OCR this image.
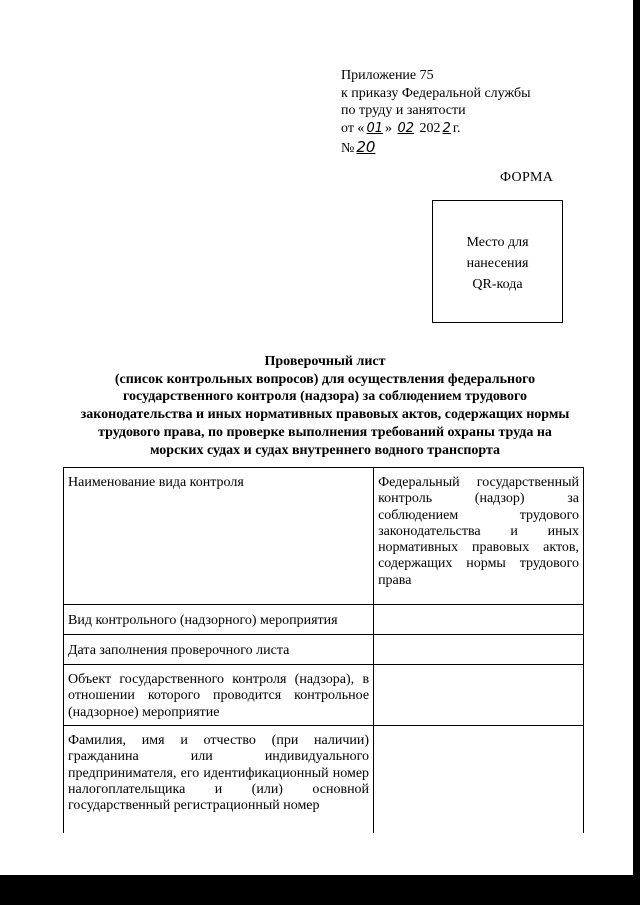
Приложение 75
к приказу Федеральной службы
по труду и занятости
от « 01 » 02 202 2 г.
№ 20
ФОРМА
Место для
нанесения
QR-кода
Проверочный лист
(список контрольных вопросов) для осуществления федерального
государственного контроля (надзора) за соблюдением трудового
законодательства и иных нормативных правовых актов, содержащих нормы
трудового права, по проверке выполнения требований охраны труда на
морских судах и судах внутреннего водного транспорта
Наименование вида контроля	Федеральный государственный контроль (надзор) за соблюдением трудового законодательства и иных нормативных правовых актов, содержащих нормы трудового права
Вид контрольного (надзорного) мероприятия	
Дата заполнения проверочного листа	
Объект государственного контроля (надзора), в отношении которого проводится контрольное (надзорное) мероприятие	
Фамилия, имя и отчество (при наличии) гражданина или индивидуального предпринимателя, его идентификационный номер налогоплательщика и (или) основной государственный регистрационный номер	
